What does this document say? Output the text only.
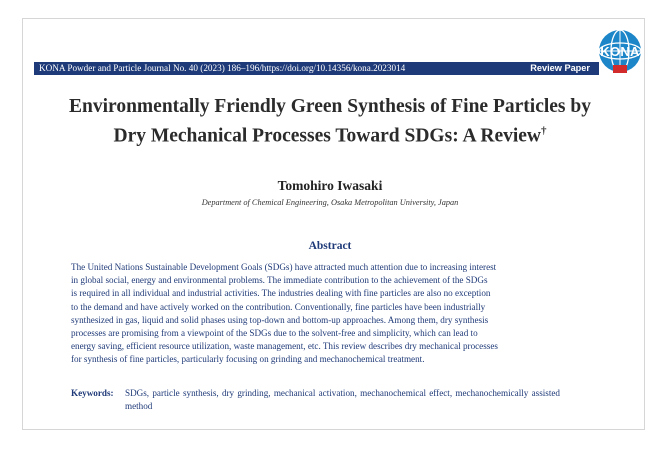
KONA Powder and Particle Journal No. 40 (2023) 186–196/https://doi.org/10.14356/kona.2023014	Review Paper
KONA
Environmentally Friendly Green Synthesis of Fine Particles by
Dry Mechanical Processes Toward SDGs: A Review†
Tomohiro Iwasaki
Department of Chemical Engineering, Osaka Metropolitan University, Japan
Abstract
The United Nations Sustainable Development Goals (SDGs) have attracted much attention due to increasing interest
in global social, energy and environmental problems. The immediate contribution to the achievement of the SDGs
is required in all individual and industrial activities. The industries dealing with fine particles are also no exception
to the demand and have actively worked on the contribution. Conventionally, fine particles have been industrially
synthesized in gas, liquid and solid phases using top-down and bottom-up approaches. Among them, dry synthesis
processes are promising from a viewpoint of the SDGs due to the solvent-free and simplicity, which can lead to
energy saving, efficient resource utilization, waste management, etc. This review describes dry mechanical processes
for synthesis of fine particles, particularly focusing on grinding and mechanochemical treatment.
Keywords:	SDGs, particle synthesis, dry grinding, mechanical activation, mechanochemical effect, mechanochemically assisted method
